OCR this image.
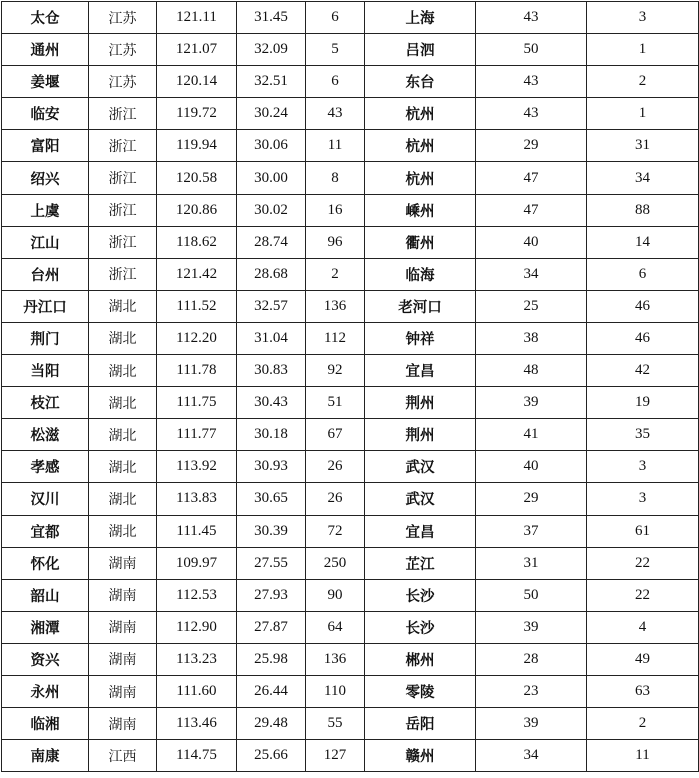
太仓	江苏	121.11	31.45	6	上海	43	3
通州	江苏	121.07	32.09	5	吕泗	50	1
姜堰	江苏	120.14	32.51	6	东台	43	2
临安	浙江	119.72	30.24	43	杭州	43	1
富阳	浙江	119.94	30.06	11	杭州	29	31
绍兴	浙江	120.58	30.00	8	杭州	47	34
上虞	浙江	120.86	30.02	16	嵊州	47	88
江山	浙江	118.62	28.74	96	衢州	40	14
台州	浙江	121.42	28.68	2	临海	34	6
丹江口	湖北	111.52	32.57	136	老河口	25	46
荆门	湖北	112.20	31.04	112	钟祥	38	46
当阳	湖北	111.78	30.83	92	宜昌	48	42
枝江	湖北	111.75	30.43	51	荆州	39	19
松滋	湖北	111.77	30.18	67	荆州	41	35
孝感	湖北	113.92	30.93	26	武汉	40	3
汉川	湖北	113.83	30.65	26	武汉	29	3
宜都	湖北	111.45	30.39	72	宜昌	37	61
怀化	湖南	109.97	27.55	250	芷江	31	22
韶山	湖南	112.53	27.93	90	长沙	50	22
湘潭	湖南	112.90	27.87	64	长沙	39	4
资兴	湖南	113.23	25.98	136	郴州	28	49
永州	湖南	111.60	26.44	110	零陵	23	63
临湘	湖南	113.46	29.48	55	岳阳	39	2
南康	江西	114.75	25.66	127	赣州	34	11
